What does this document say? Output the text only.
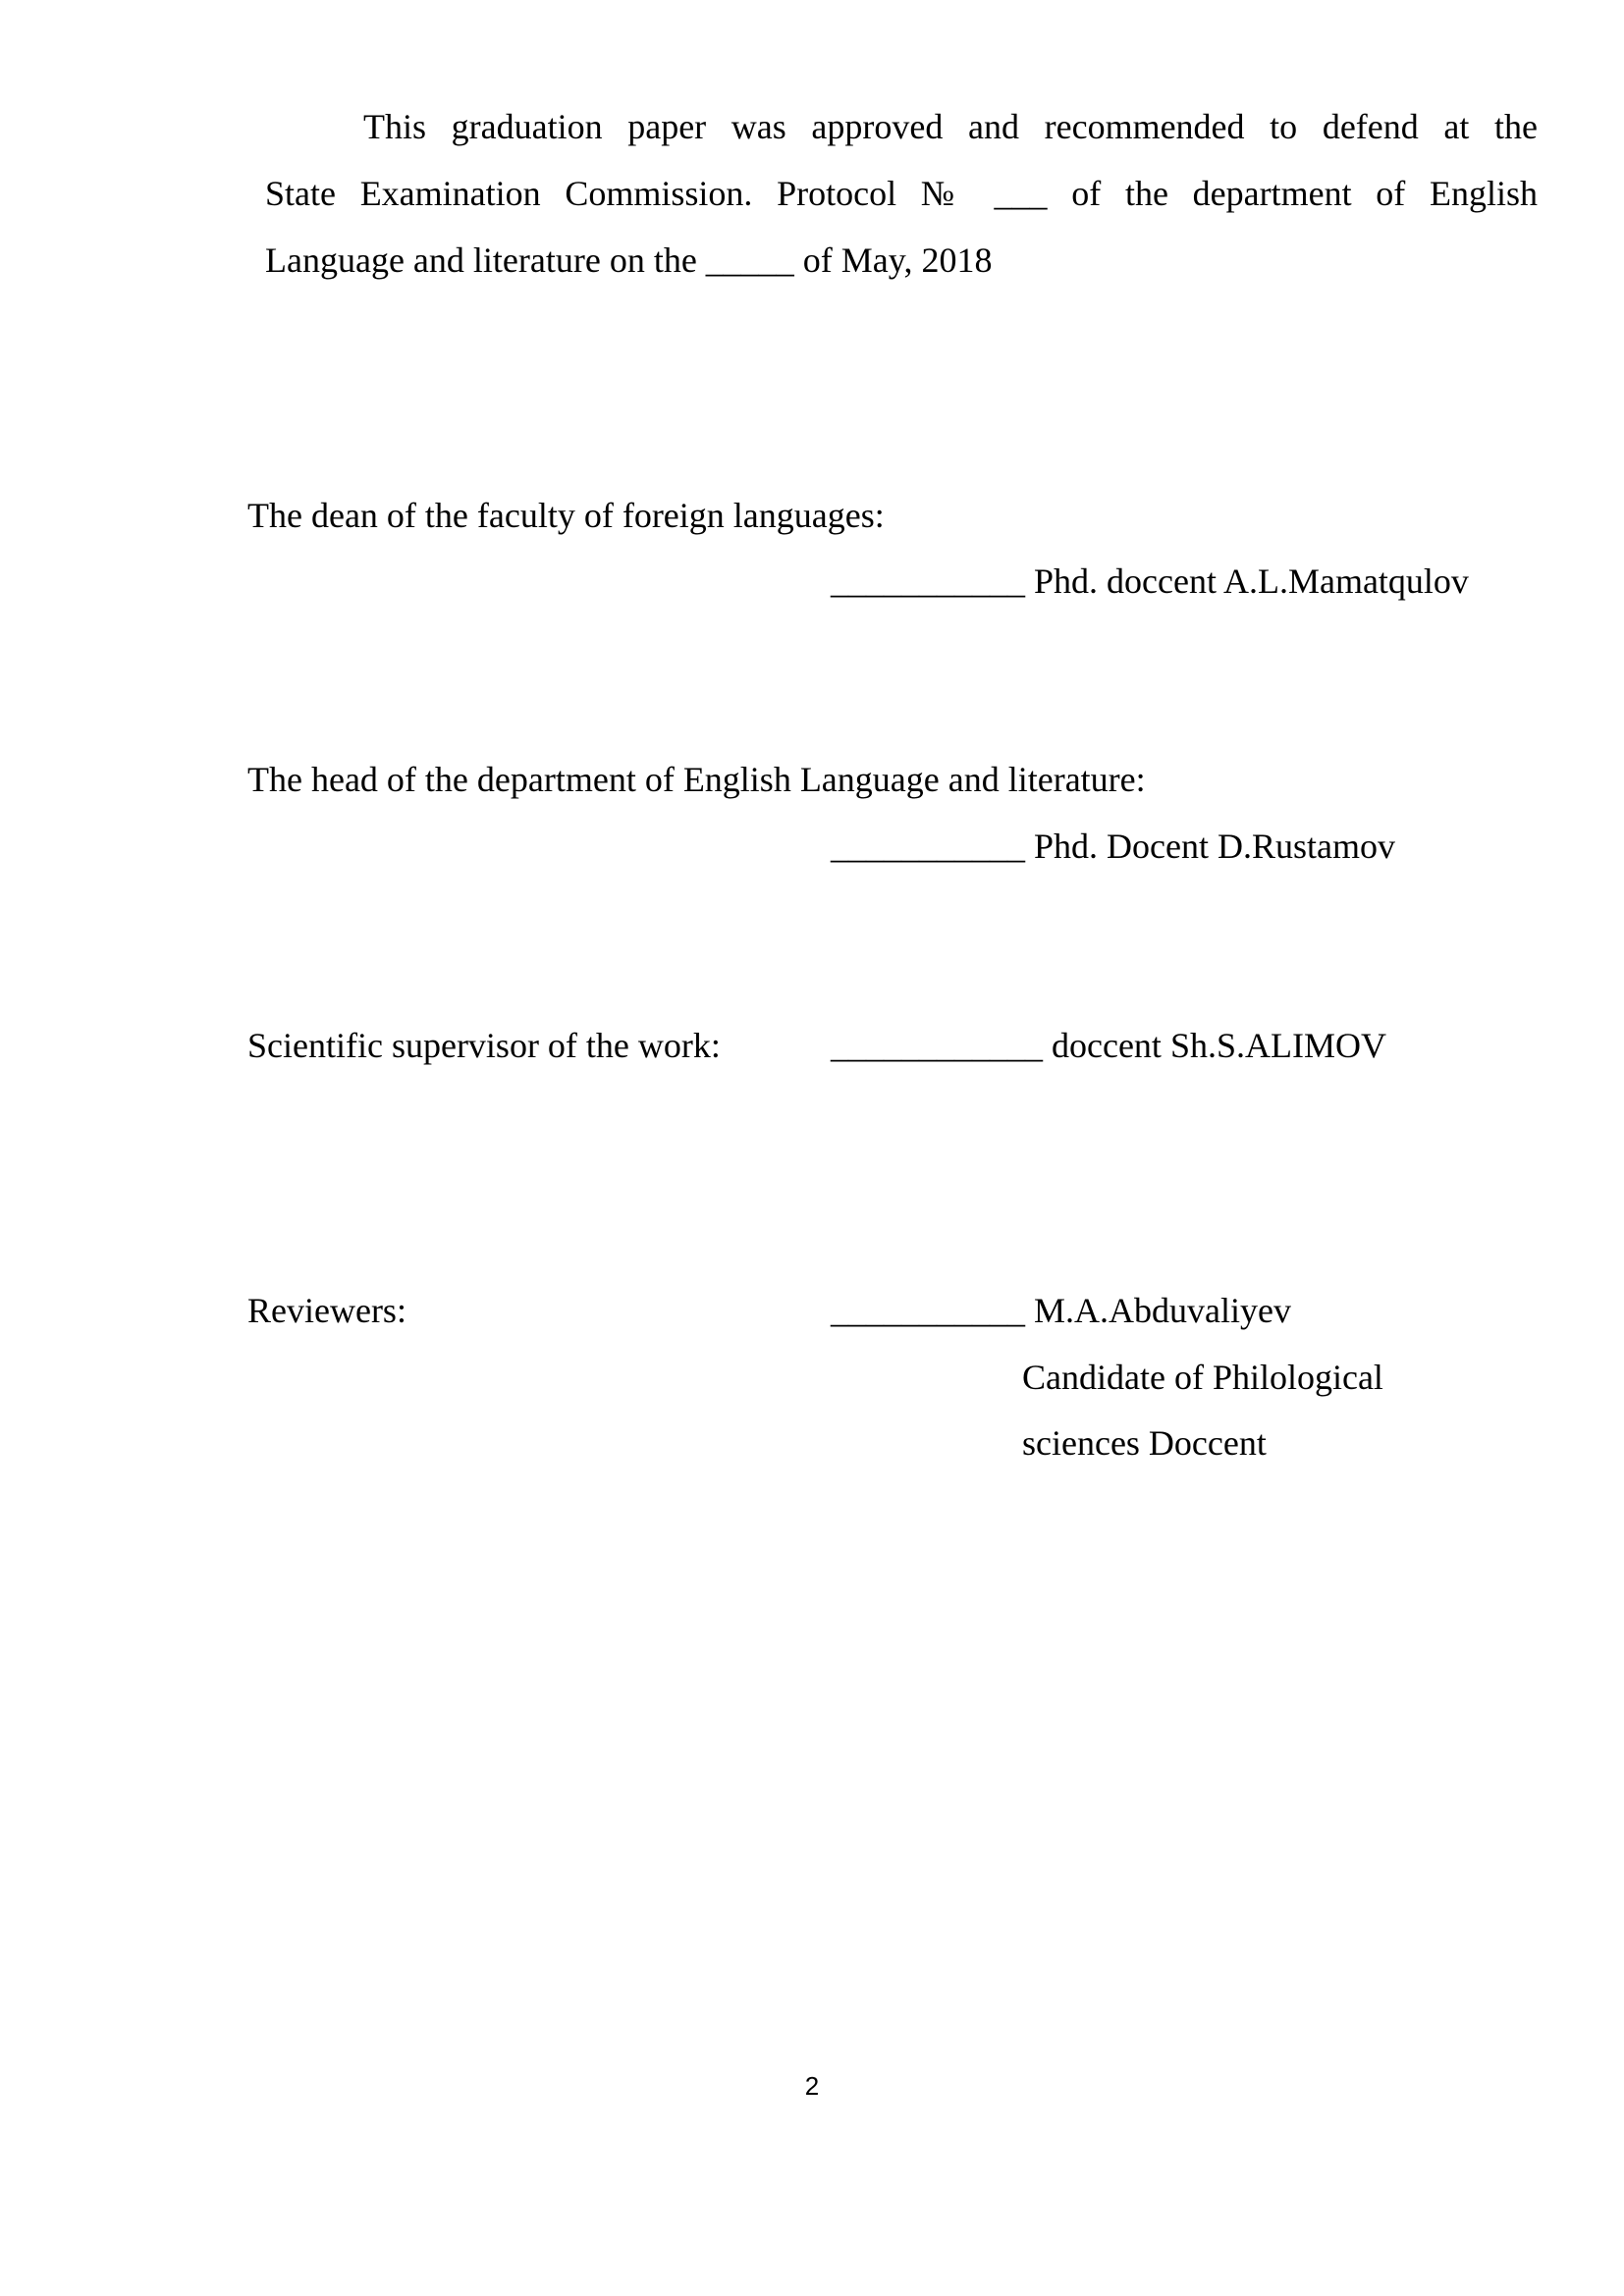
This graduation paper was approved and recommended to defend at the
State Examination Commission. Protocol № ___ of the department of English
Language and literature on the _____ of May, 2018
The dean of the faculty of foreign languages:
___________ Phd. doccent A.L.Mamatqulov
The head of the department of English Language and literature:
___________ Phd. Docent D.Rustamov
Scientific supervisor of the work:	____________ doccent Sh.S.ALIMOV
Reviewers:	___________ M.A.Abduvaliyev
Candidate of Philological
sciences Doccent
2
